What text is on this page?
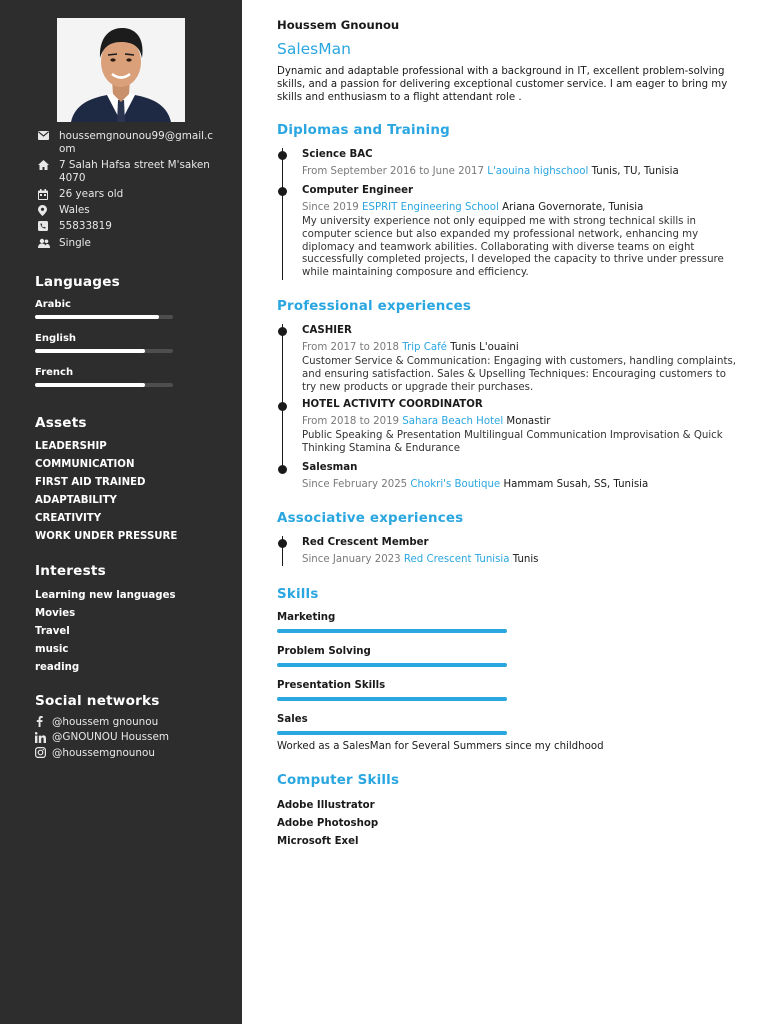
houssemgnounou99@gmail.com
7 Salah Hafsa street M'saken 4070
26 years old
Wales
55833819
Single
Languages
Arabic
English
French
Assets
LEADERSHIP
COMMUNICATION
FIRST AID TRAINED
ADAPTABILITY
CREATIVITY
WORK UNDER PRESSURE
Interests
Learning new languages
Movies
Travel
music
reading
Social networks
@houssem gnounou
@GNOUNOU Houssem
@houssemgnounou
Houssem Gnounou
SalesMan
Dynamic and adaptable professional with a background in IT, excellent problem-solving skills, and a passion for delivering exceptional customer service. I am eager to bring my skills and enthusiasm to a flight attendant role .
Diplomas and Training
Science BAC
From September 2016 to June 2017 L'aouina highschool Tunis, TU, Tunisia
Computer Engineer
Since 2019 ESPRIT Engineering School Ariana Governorate, Tunisia
My university experience not only equipped me with strong technical skills in computer science but also expanded my professional network, enhancing my diplomacy and teamwork abilities. Collaborating with diverse teams on eight successfully completed projects, I developed the capacity to thrive under pressure while maintaining composure and efficiency.
Professional experiences
CASHIER
From 2017 to 2018 Trip Café Tunis L'ouaini
Customer Service & Communication: Engaging with customers, handling complaints, and ensuring satisfaction. Sales & Upselling Techniques: Encouraging customers to try new products or upgrade their purchases.
HOTEL ACTIVITY COORDINATOR
From 2018 to 2019 Sahara Beach Hotel Monastir
Public Speaking & Presentation Multilingual Communication Improvisation & Quick Thinking Stamina & Endurance
Salesman
Since February 2025 Chokri's Boutique Hammam Susah, SS, Tunisia
Associative experiences
Red Crescent Member
Since January 2023 Red Crescent Tunisia Tunis
Skills
Marketing
Problem Solving
Presentation Skills
Sales
Worked as a SalesMan for Several Summers since my childhood
Computer Skills
Adobe Illustrator
Adobe Photoshop
Microsoft Exel
